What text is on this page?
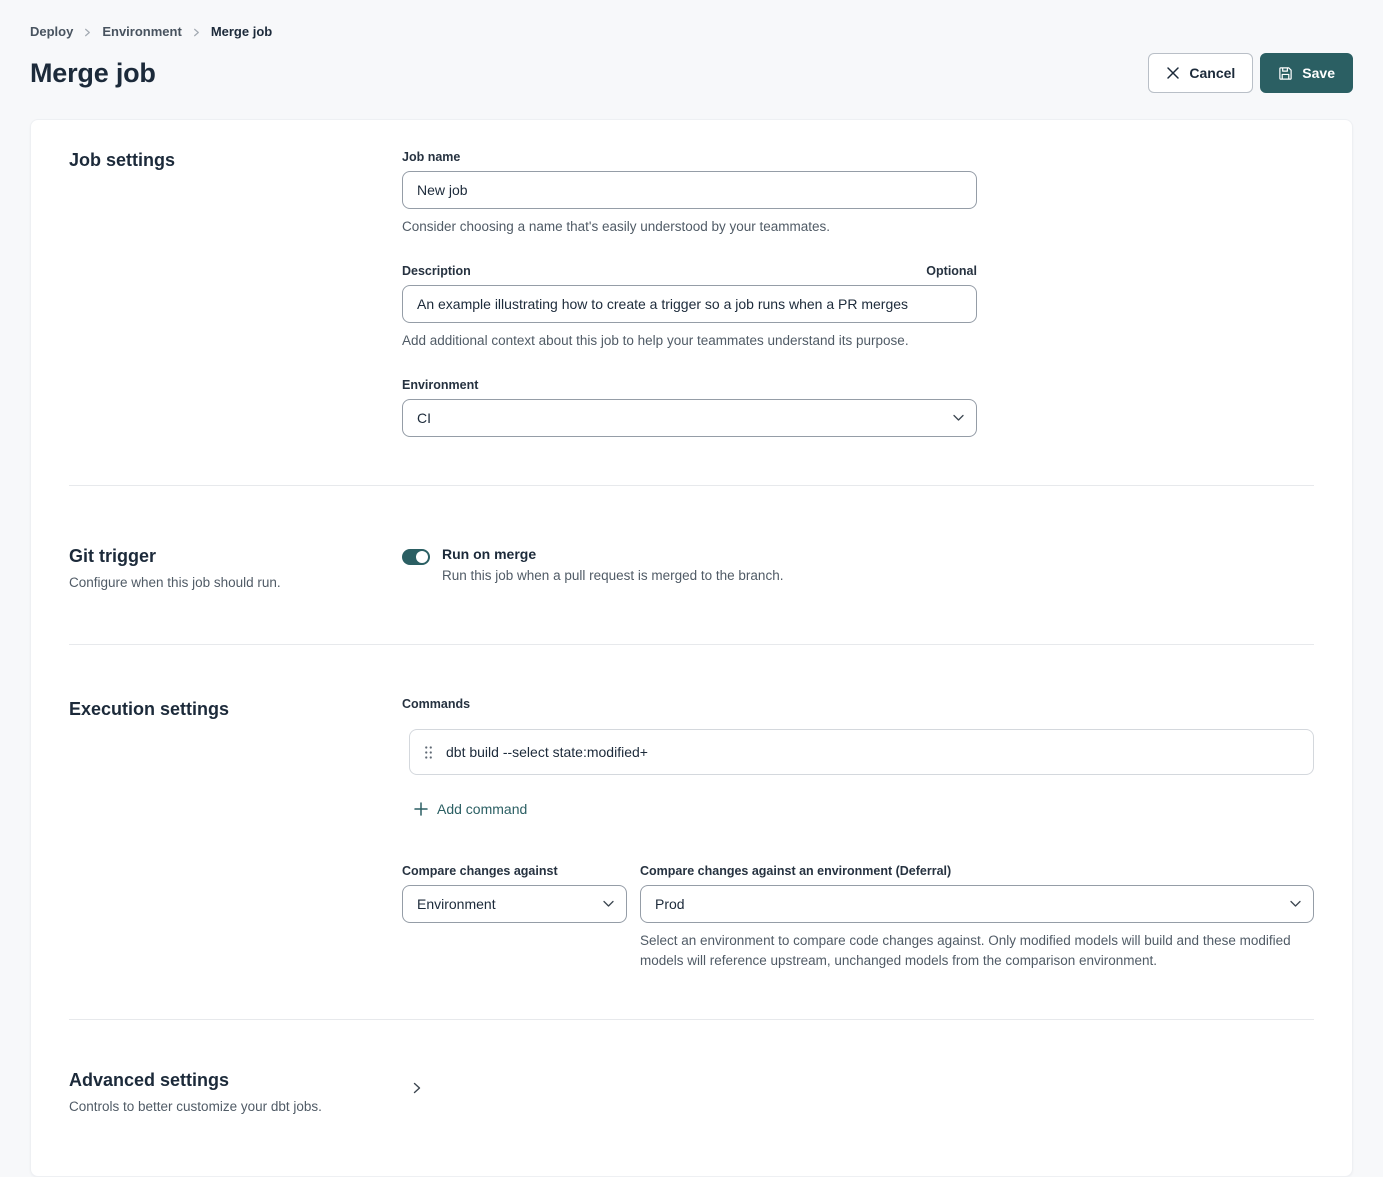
Deploy Environment Merge job
Merge job	Cancel	Save
Job settings	Job name
New job
Consider choosing a name that's easily understood by your teammates.
Description	Optional
An example illustrating how to create a trigger so a job runs when a PR merges
Add additional context about this job to help your teammates understand its purpose.
Environment
CI
Git trigger
Configure when this job should run.
Run on merge
Run this job when a pull request is merged to the branch.
Execution settings	Commands
dbt build --select state:modified+
Add command
Compare changes against
Environment
Compare changes against an environment (Deferral)
Prod
Select an environment to compare code changes against. Only modified models will build and these modified models will reference upstream, unchanged models from the comparison environment.
Advanced settings
Controls to better customize your dbt jobs.
